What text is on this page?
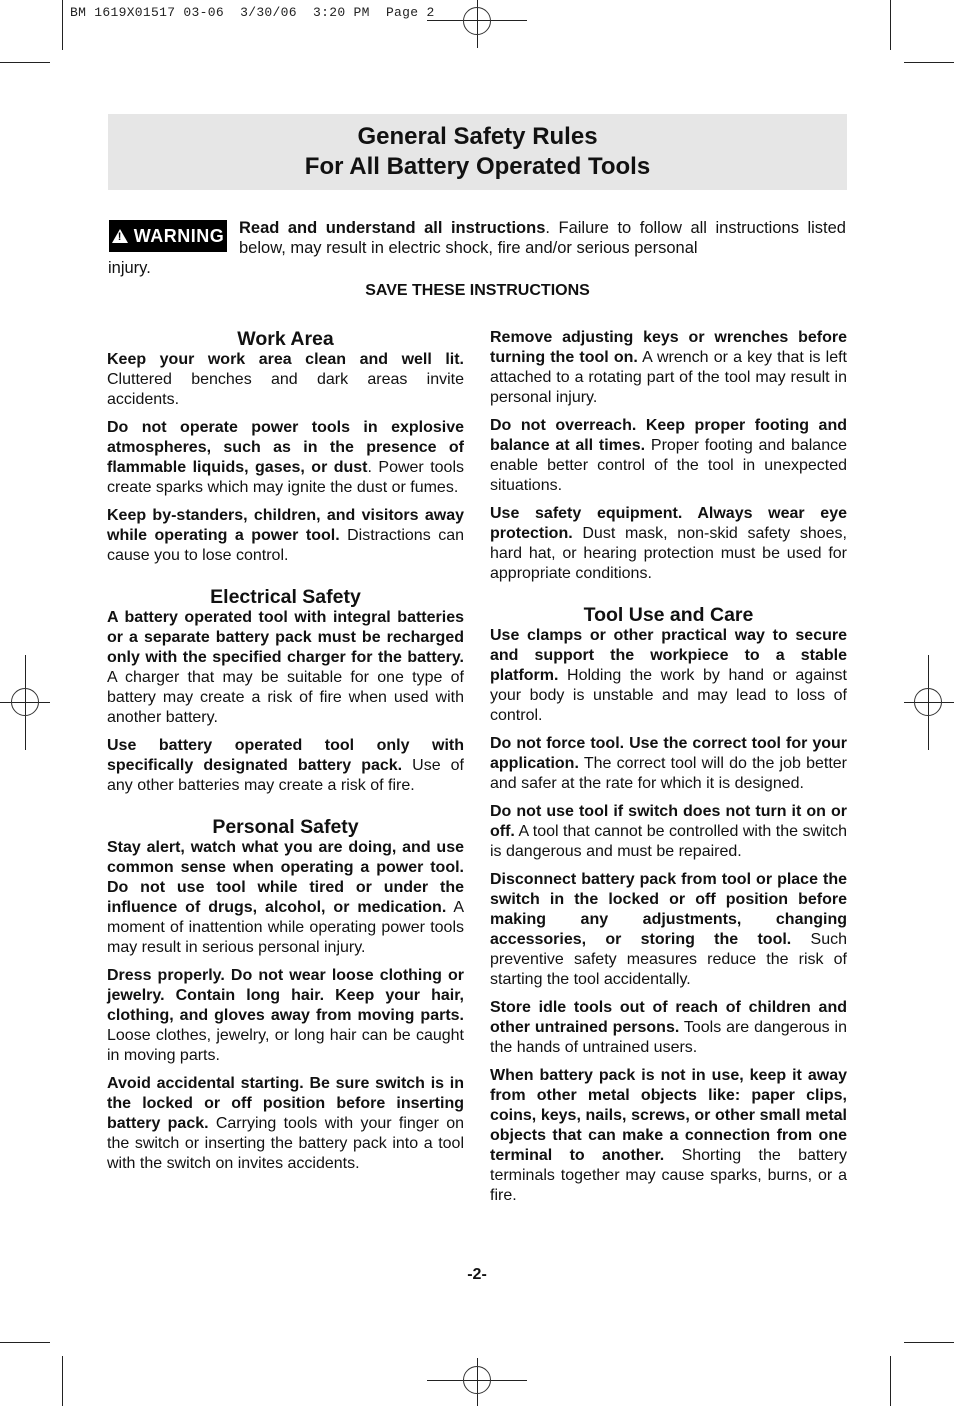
BM 1619X01517 03-06  3/30/06  3:20 PM  Page 2
General Safety Rules
For All Battery Operated Tools
! WARNING Read and understand all instructions. Failure to follow all instructions listed below, may result in electric shock, fire and/or serious personal
injury.
SAVE THESE INSTRUCTIONS
Work Area

Keep your work area clean and well lit. Cluttered benches and dark areas invite accidents.

Do not operate power tools in explosive atmospheres, such as in the presence of flammable liquids, gases, or dust. Power tools create sparks which may ignite the dust or fumes.

Keep by-standers, children, and visitors away while operating a power tool. Distractions can cause you to lose control.

Electrical Safety

A battery operated tool with integral batteries or a separate battery pack must be recharged only with the specified charger for the battery. A charger that may be suitable for one type of battery may create a risk of fire when used with another battery.

Use battery operated tool only with specifically designated battery pack. Use of any other batteries may create a risk of fire.

Personal Safety

Stay alert, watch what you are doing, and use common sense when operating a power tool. Do not use tool while tired or under the influence of drugs, alcohol, or medication. A moment of inattention while operating power tools may result in serious personal injury.

Dress properly. Do not wear loose clothing or jewelry. Contain long hair. Keep your hair, clothing, and gloves away from moving parts. Loose clothes, jewelry, or long hair can be caught in moving parts.

Avoid accidental starting. Be sure switch is in the locked or off position before inserting battery pack. Carrying tools with your finger on the switch or inserting the battery pack into a tool with the switch on invites accidents.

Remove adjusting keys or wrenches before turning the tool on. A wrench or a key that is left attached to a rotating part of the tool may result in personal injury.

Do not overreach. Keep proper footing and balance at all times. Proper footing and balance enable better control of the tool in unexpected situations.

Use safety equipment. Always wear eye protection. Dust mask, non-skid safety shoes, hard hat, or hearing protection must be used for appropriate conditions.

Tool Use and Care

Use clamps or other practical way to secure and support the workpiece to a stable platform. Holding the work by hand or against your body is unstable and may lead to loss of control.

Do not force tool. Use the correct tool for your application. The correct tool will do the job better and safer at the rate for which it is designed.

Do not use tool if switch does not turn it on or off. A tool that cannot be controlled with the switch is dangerous and must be repaired.

Disconnect battery pack from tool or place the switch in the locked or off position before making any adjustments, changing accessories, or storing the tool. Such preventive safety measures reduce the risk of starting the tool accidentally.

Store idle tools out of reach of children and other untrained persons. Tools are dangerous in the hands of untrained users.

When battery pack is not in use, keep it away from other metal objects like: paper clips, coins, keys, nails, screws, or other small metal objects that can make a connection from one terminal to another. Shorting the battery terminals together may cause sparks, burns, or a fire.

-2-
